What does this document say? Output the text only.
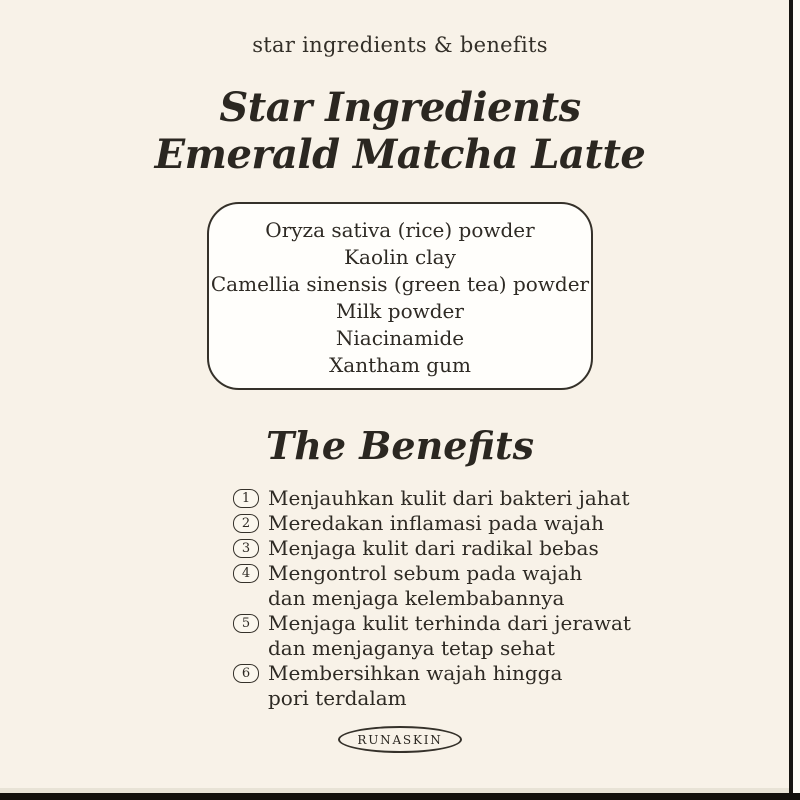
star ingredients & benefits
Star Ingredients
Emerald Matcha Latte
Oryza sativa (rice) powder
Kaolin clay
Camellia sinensis (green tea) powder
Milk powder
Niacinamide
Xantham gum
The Benefits
1 Menjauhkan kulit dari bakteri jahat
2 Meredakan inflamasi pada wajah
3 Menjaga kulit dari radikal bebas
4 Mengontrol sebum pada wajah
dan menjaga kelembabannya
5 Menjaga kulit terhinda dari jerawat
dan menjaganya tetap sehat
6 Membersihkan wajah hingga
pori terdalam
RUNASKIN
